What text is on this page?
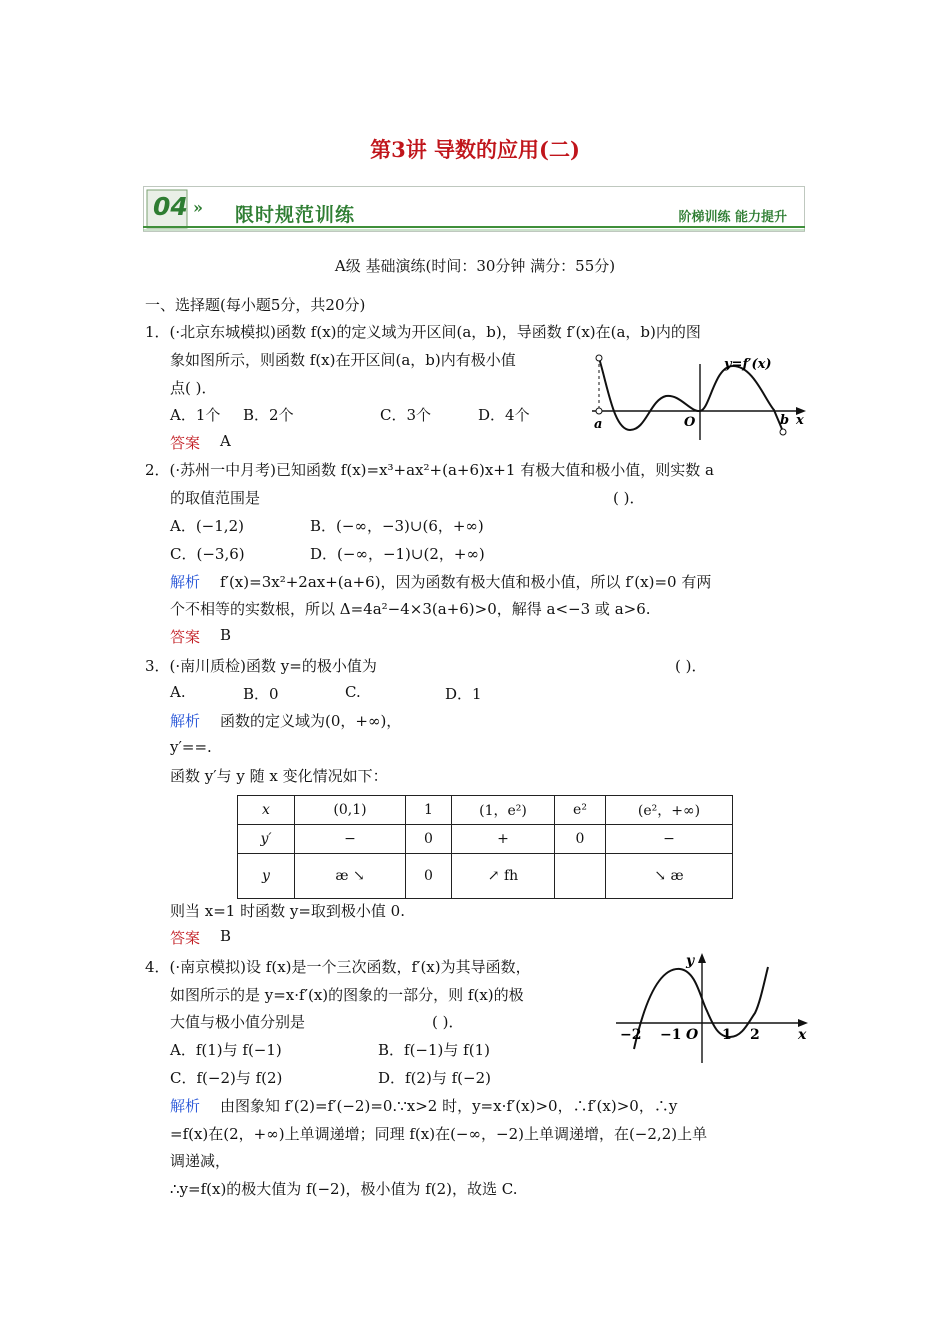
第3讲 导数的应用(二)
04 » 限时规范训练	阶梯训练 能力提升
A级 基础演练(时间：30分钟 满分：55分)
一、选择题(每小题5分，共20分)
1．(·北京东城模拟)函数 f(x)的定义域为开区间(a，b)，导函数 f′(x)在(a，b)内的图
象如图所示，则函数 f(x)在开区间(a，b)内有极小值
点( )．
A．1个 B．2个	C．3个	D．4个
答案 A
y=f′(x)
a	O	b x
2．(·苏州一中月考)已知函数 f(x)=x³+ax²+(a+6)x+1 有极大值和极小值，则实数 a
的取值范围是	( )．
A．(−1,2)	B．(−∞，−3)∪(6，+∞)
C．(−3,6)	D．(−∞，−1)∪(2，+∞)
解析 f′(x)=3x²+2ax+(a+6)，因为函数有极大值和极小值，所以 f′(x)=0 有两
个不相等的实数根，所以 Δ=4a²−4×3(a+6)>0，解得 a<−3 或 a>6.
答案 B
3．(·南川质检)函数 y=的极小值为	( )．
A.	B．0	C.	D．1
解析 函数的定义域为(0，+∞)，
y′==.
函数 y′与 y 随 x 变化情况如下：
x	(0,1)	1	(1，e²)	e²	(e²，+∞)
y′	−	0	+	0	−
y	æ ↘	0	↗ fh		↘ æ
则当 x=1 时函数 y=取到极小值 0.
答案 B
4．(·南京模拟)设 f(x)是一个三次函数，f′(x)为其导函数，
如图所示的是 y=x·f′(x)的图象的一部分，则 f(x)的极
大值与极小值分别是	( )．
A．f(1)与 f(−1)	B．f(−1)与 f(1)
C．f(−2)与 f(2)	D．f(2)与 f(−2)
解析 由图象知 f′(2)=f′(−2)=0.∵x>2 时，y=x·f′(x)>0，∴f′(x)>0，∴y
=f(x)在(2，+∞)上单调递增；同理 f(x)在(−∞，−2)上单调递增，在(−2,2)上单
调递减，
∴y=f(x)的极大值为 f(−2)，极小值为 f(2)，故选 C.
y
x
−2 −1 O 1 2
